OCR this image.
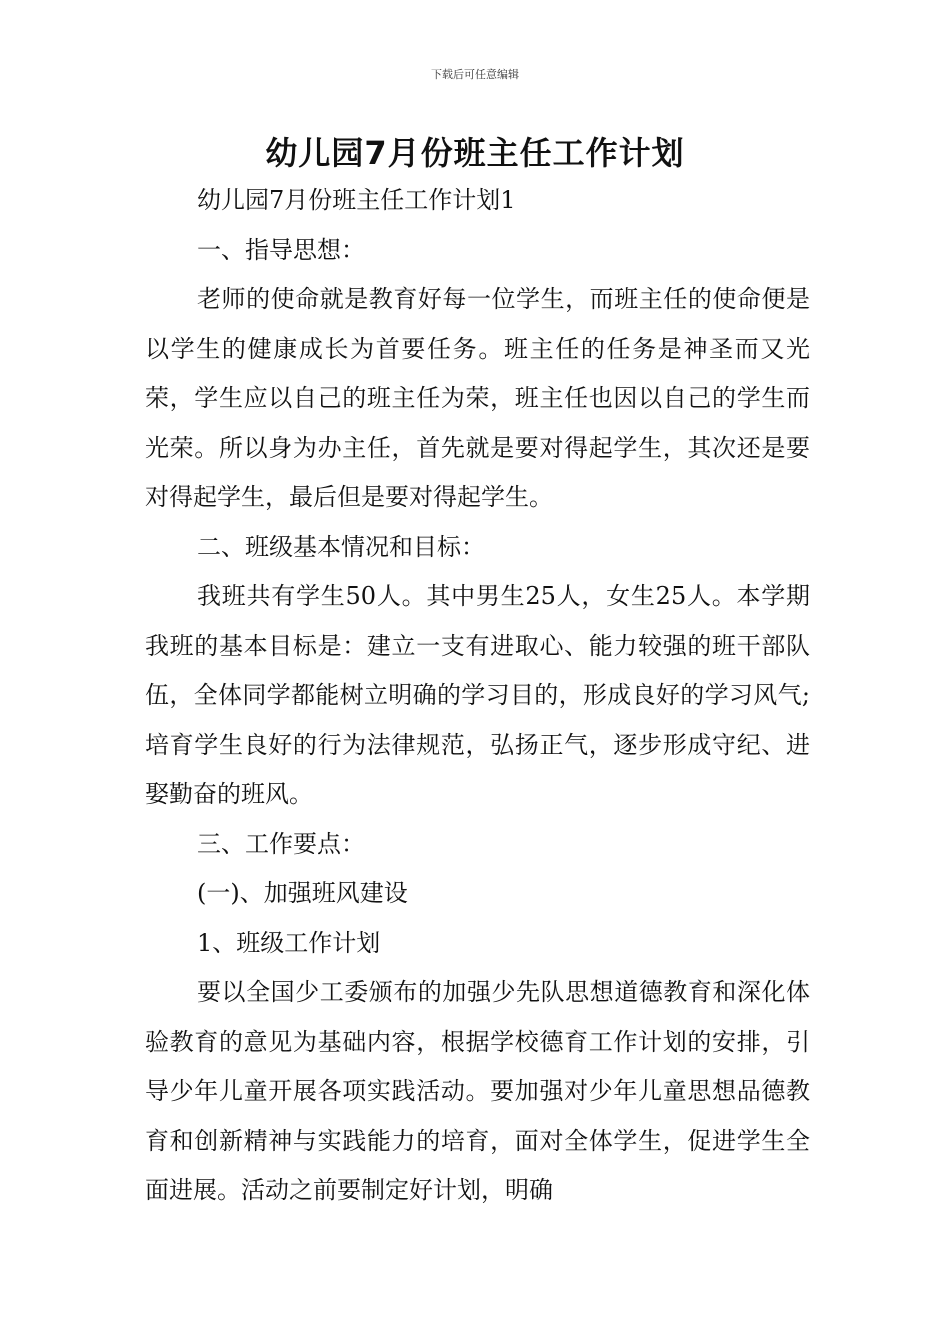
下载后可任意编辑
幼儿园7月份班主任工作计划

幼儿园7月份班主任工作计划1

一、指导思想：

老师的使命就是教育好每一位学生，而班主任的使命便是以学生的健康成长为首要任务。班主任的任务是神圣而又光荣，学生应以自己的班主任为荣，班主任也因以自己的学生而光荣。所以身为办主任，首先就是要对得起学生，其次还是要对得起学生，最后但是要对得起学生。

二、班级基本情况和目标：

我班共有学生50人。其中男生25人，女生25人。本学期我班的基本目标是：建立一支有进取心、能力较强的班干部队伍，全体同学都能树立明确的学习目的，形成良好的学习风气;培育学生良好的行为法律规范，弘扬正气，逐步形成守纪、进娶勤奋的班风。

三、工作要点：

(一)、加强班风建设

1、班级工作计划

要以全国少工委颁布的加强少先队思想道德教育和深化体验教育的意见为基础内容，根据学校德育工作计划的安排，引导少年儿童开展各项实践活动。要加强对少年儿童思想品德教育和创新精神与实践能力的培育，面对全体学生，促进学生全面进展。活动之前要制定好计划，明确
